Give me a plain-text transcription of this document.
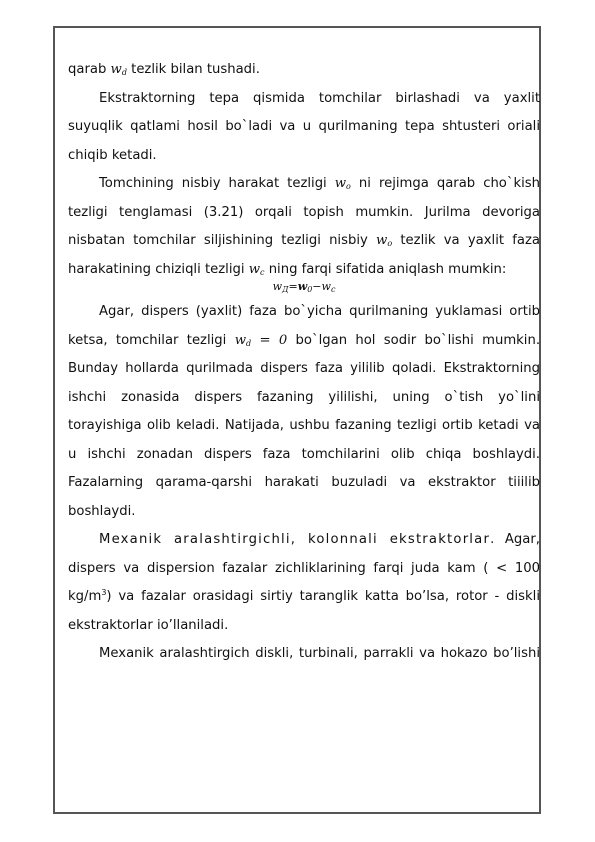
qarab $w_d$ tezlik bilan tushadi.

Ekstraktorning tepa qismida tomchilar birlashadi va yaxlit suyuqlik qatlami hosil bo`ladi va u qurilmaning tepa shtusteri oriali chiqib ketadi.

Tomchining nisbiy harakat tezligi $w_o$ ni rejimga qarab cho`kish tezligi tenglamasi (3.21) orqali topish mumkin. Jurilma devoriga nisbatan tomchilar siljishining tezligi nisbiy $w_o$ tezlik va yaxlit faza harakatining chiziqli tezligi $w_c$ ning farqi sifatida aniqlash mumkin:

$w_Д=w_0-w_c$

Agar, dispers (yaxlit) faza bo`yicha qurilmaning yuklamasi ortib ketsa, tomchilar tezligi $w_d = 0$ bo`lgan hol sodir bo`lishi mumkin. Bunday hollarda qurilmada dispers faza yililib qoladi. Ekstraktorning ishchi zonasida dispers fazaning yililishi, uning o`tish yo`lini torayishiga olib keladi. Natijada, ushbu fazaning tezligi ortib ketadi va u ishchi zonadan dispers faza tomchilarini olib chiqa boshlaydi. Fazalarning qarama-qarshi harakati buzuladi va ekstraktor tiiilib boshlaydi.

Mexanik aralashtirgichli, kolonnali ekstraktorlar. Agar, dispers va dispersion fazalar zichliklarining farqi juda kam ( < 100 $kg/m^3$) va fazalar orasidagi sirtiy taranglik katta bo’lsa, rotor - diskli ekstraktorlar io’llaniladi.

Mexanik aralashtirgich diskli, turbinali, parrakli va hokazo bo’lishi
